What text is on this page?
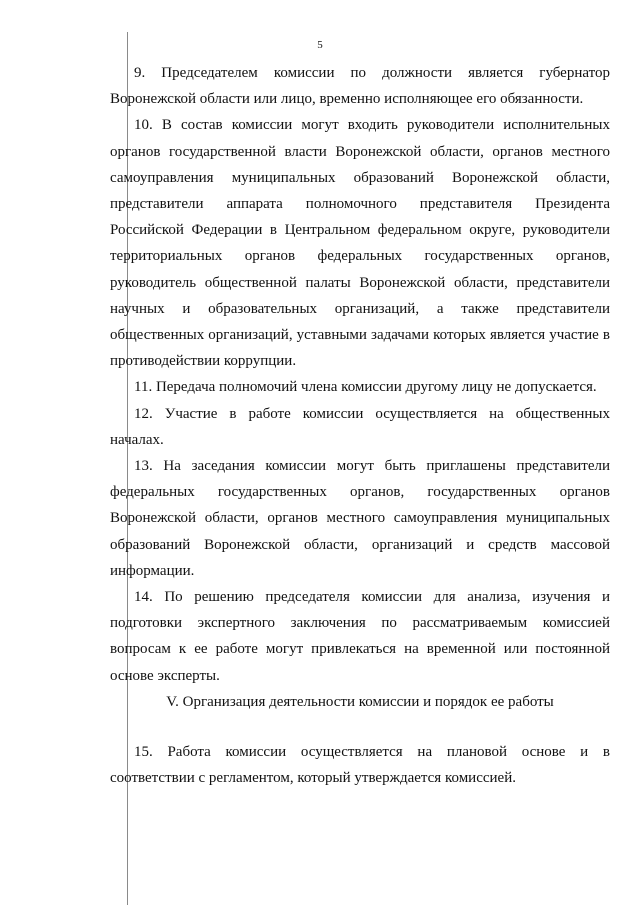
5

9. Председателем комиссии по должности является губернатор Воронежской области или лицо, временно исполняющее его обязанности.

10. В состав комиссии могут входить руководители исполнительных органов государственной власти Воронежской области, органов местного самоуправления муниципальных образований Воронежской области, представители аппарата полномочного представителя Президента Российской Федерации в Центральном федеральном округе, руководители территориальных органов федеральных государственных органов, руководитель общественной палаты Воронежской области, представители научных и образовательных организаций, а также представители общественных организаций, уставными задачами которых является участие в противодействии коррупции.

11. Передача полномочий члена комиссии другому лицу не допускается.

12. Участие в работе комиссии осуществляется на общественных началах.

13. На заседания комиссии могут быть приглашены представители федеральных государственных органов, государственных органов Воронежской области, органов местного самоуправления муниципальных образований Воронежской области, организаций и средств массовой информации.

14. По решению председателя комиссии для анализа, изучения и подготовки экспертного заключения по рассматриваемым комиссией вопросам к ее работе могут привлекаться на временной или постоянной основе эксперты.

V. Организация деятельности комиссии и порядок ее работы

15. Работа комиссии осуществляется на плановой основе и в соответствии с регламентом, который утверждается комиссией.
